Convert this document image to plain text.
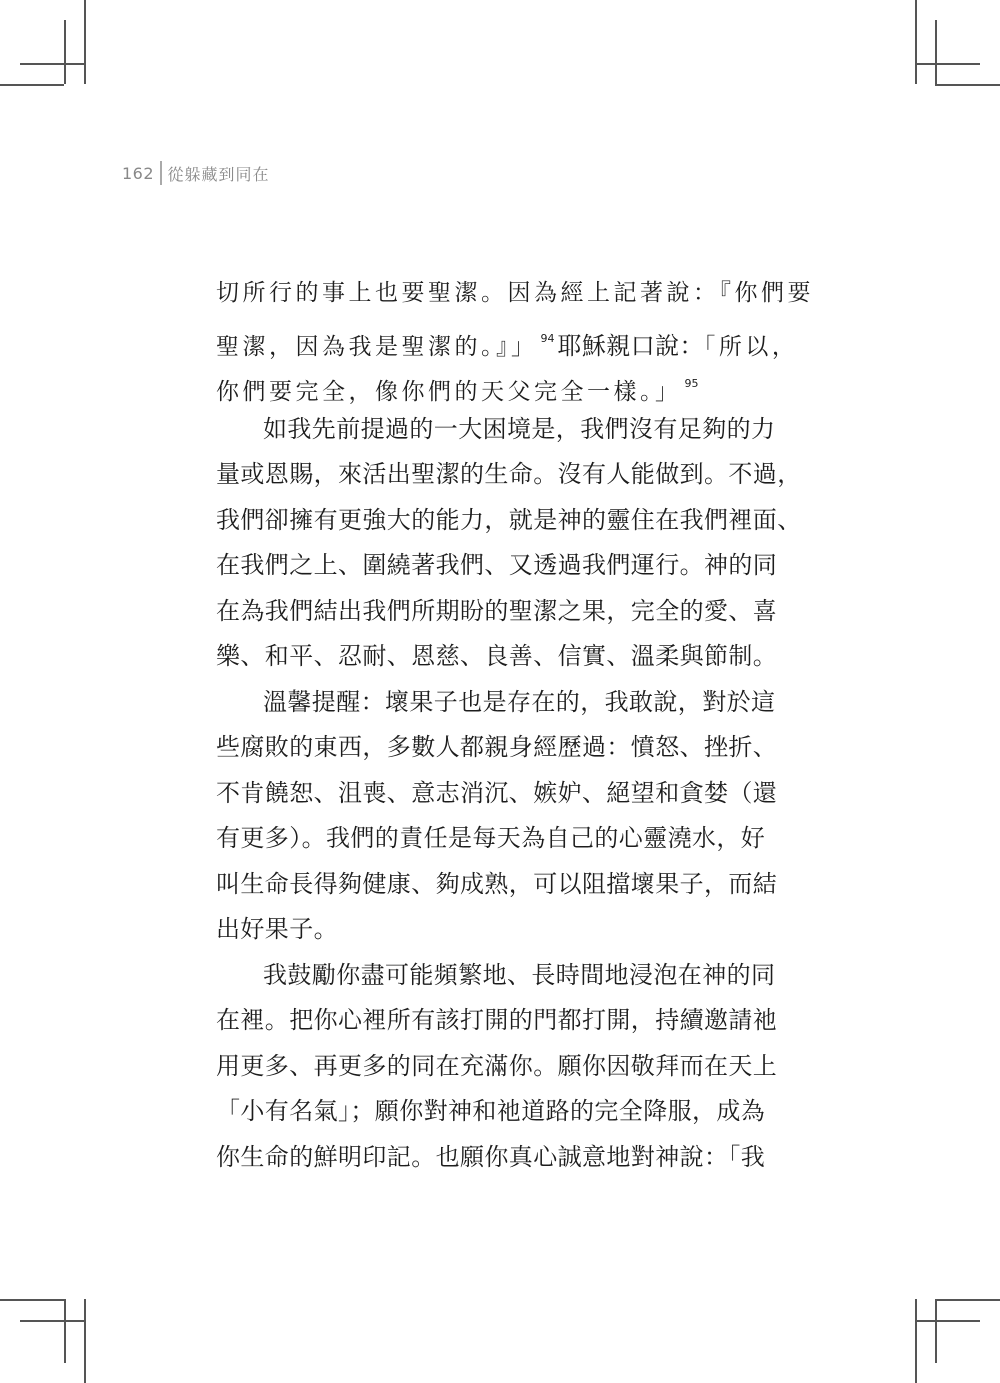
162 從躲藏到同在
切所行的事上也要聖潔。因為經上記著說：『你們要
聖潔，因為我是聖潔的。』」 $^{94}$ 耶穌親口說：「所以，
你們要完全，像你們的天父完全一樣。」 $^{95}$
如我先前提過的一大困境是，我們沒有足夠的力
量或恩賜，來活出聖潔的生命。沒有人能做到。不過，
我們卻擁有更強大的能力，就是神的靈住在我們裡面、
在我們之上、圍繞著我們、又透過我們運行。神的同
在為我們結出我們所期盼的聖潔之果，完全的愛、喜
樂、和平、忍耐、恩慈、良善、信實、溫柔與節制。
溫馨提醒：壞果子也是存在的，我敢說，對於這
些腐敗的東西，多數人都親身經歷過：憤怒、挫折、
不肯饒恕、沮喪、意志消沉、嫉妒、絕望和貪婪（還
有更多）。我們的責任是每天為自己的心靈澆水，好
叫生命長得夠健康、夠成熟，可以阻擋壞果子，而結
出好果子。
我鼓勵你盡可能頻繁地、長時間地浸泡在神的同
在裡。把你心裡所有該打開的門都打開，持續邀請祂
用更多、再更多的同在充滿你。願你因敬拜而在天上
「小有名氣」；願你對神和祂道路的完全降服，成為
你生命的鮮明印記。也願你真心誠意地對神說：「我
